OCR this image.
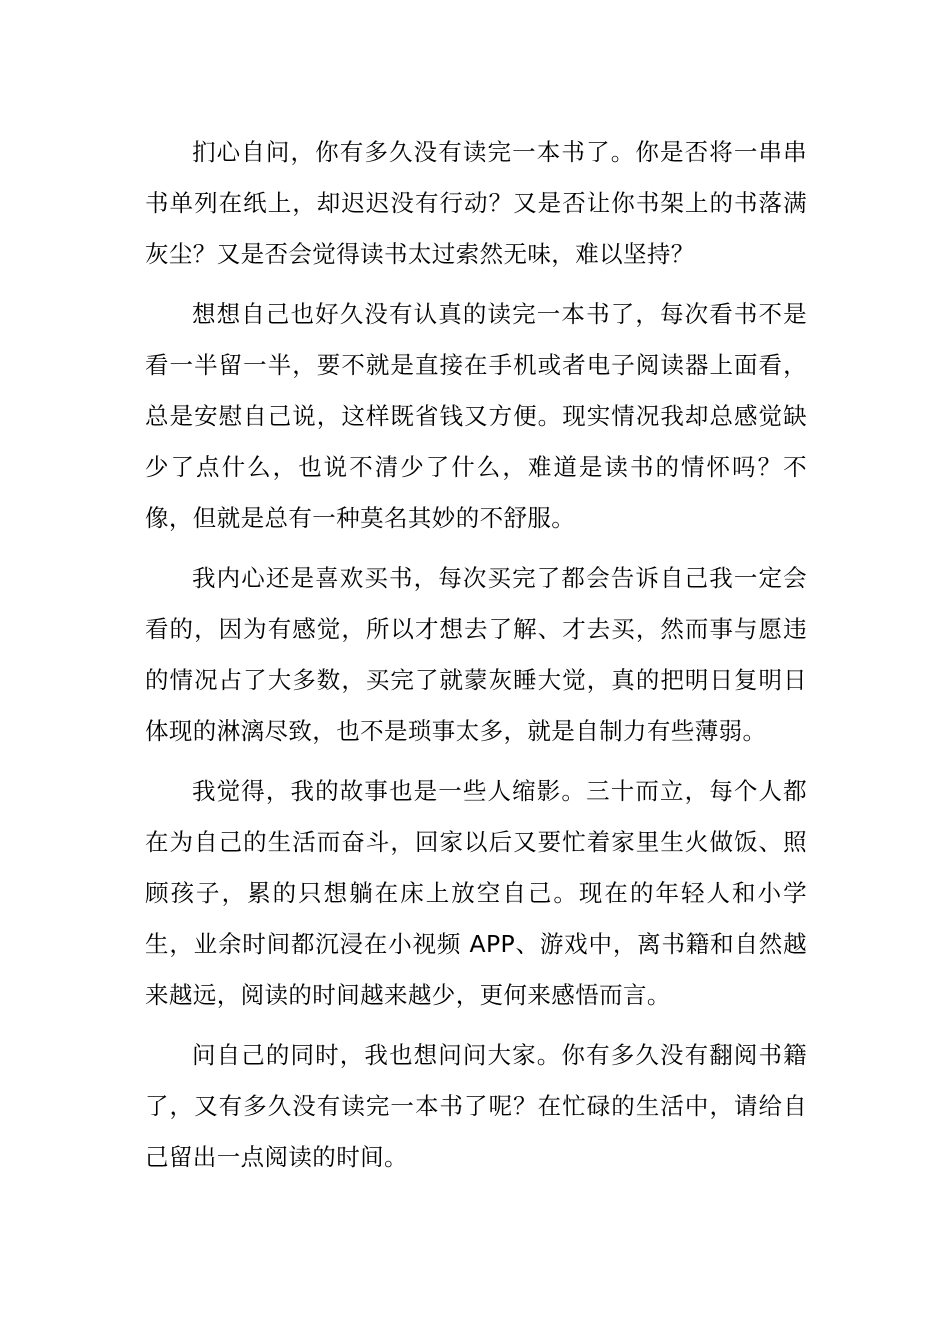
扪心自问，你有多久没有读完一本书了。你是否将一串串书单列在纸上，却迟迟没有行动？又是否让你书架上的书落满灰尘？又是否会觉得读书太过索然无味，难以坚持？

想想自己也好久没有认真的读完一本书了，每次看书不是看一半留一半，要不就是直接在手机或者电子阅读器上面看，总是安慰自己说，这样既省钱又方便。现实情况我却总感觉缺少了点什么，也说不清少了什么，难道是读书的情怀吗？不像，但就是总有一种莫名其妙的不舒服。

我内心还是喜欢买书，每次买完了都会告诉自己我一定会看的，因为有感觉，所以才想去了解、才去买，然而事与愿违的情况占了大多数，买完了就蒙灰睡大觉，真的把明日复明日体现的淋漓尽致，也不是琐事太多，就是自制力有些薄弱。

我觉得，我的故事也是一些人缩影。三十而立，每个人都在为自己的生活而奋斗，回家以后又要忙着家里生火做饭、照顾孩子，累的只想躺在床上放空自己。现在的年轻人和小学生，业余时间都沉浸在小视频 APP、游戏中，离书籍和自然越来越远，阅读的时间越来越少，更何来感悟而言。

问自己的同时，我也想问问大家。你有多久没有翻阅书籍了，又有多久没有读完一本书了呢？在忙碌的生活中，请给自己留出一点阅读的时间。
